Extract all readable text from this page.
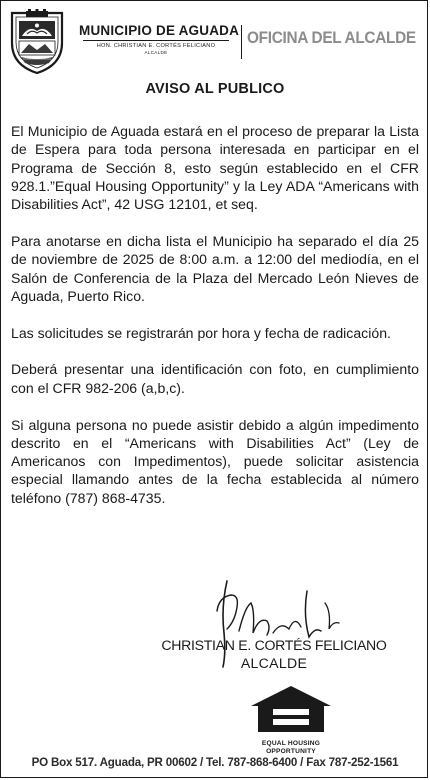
MUNICIPIO DE AGUADA
HON. CHRISTIAN E. CORTÉS FELICIANO
ALCALDE
OFICINA DEL ALCALDE
AVISO AL PUBLICO

El Municipio de Aguada estará en el proceso de preparar la Lista de Espera para toda persona interesada en participar en el Programa de Sección 8, esto según establecido en el CFR 928.1.”Equal Housing Opportunity” y la Ley ADA “Americans with Disabilities Act”, 42 USG 12101, et seq.

Para anotarse en dicha lista el Municipio ha separado el día 25 de noviembre de 2025 de 8:00 a.m. a 12:00 del mediodía, en el Salón de Conferencia de la Plaza del Mercado León Nieves de Aguada, Puerto Rico.

Las solicitudes se registrarán por hora y fecha de radicación.

Deberá presentar una identificación con foto, en cumplimiento con el CFR 982-206 (a,b,c).

Si alguna persona no puede asistir debido a algún impedimento descrito en el “Americans with Disabilities Act” (Ley de Americanos con Impedimentos), puede solicitar asistencia especial llamando antes de la fecha establecida al número teléfono (787) 868-4735.

CHRISTIAN E. CORTÉS FELICIANO
ALCALDE
EQUAL HOUSING
OPPORTUNITY
PO Box 517. Aguada, PR 00602 / Tel. 787-868-6400 / Fax 787-252-1561
